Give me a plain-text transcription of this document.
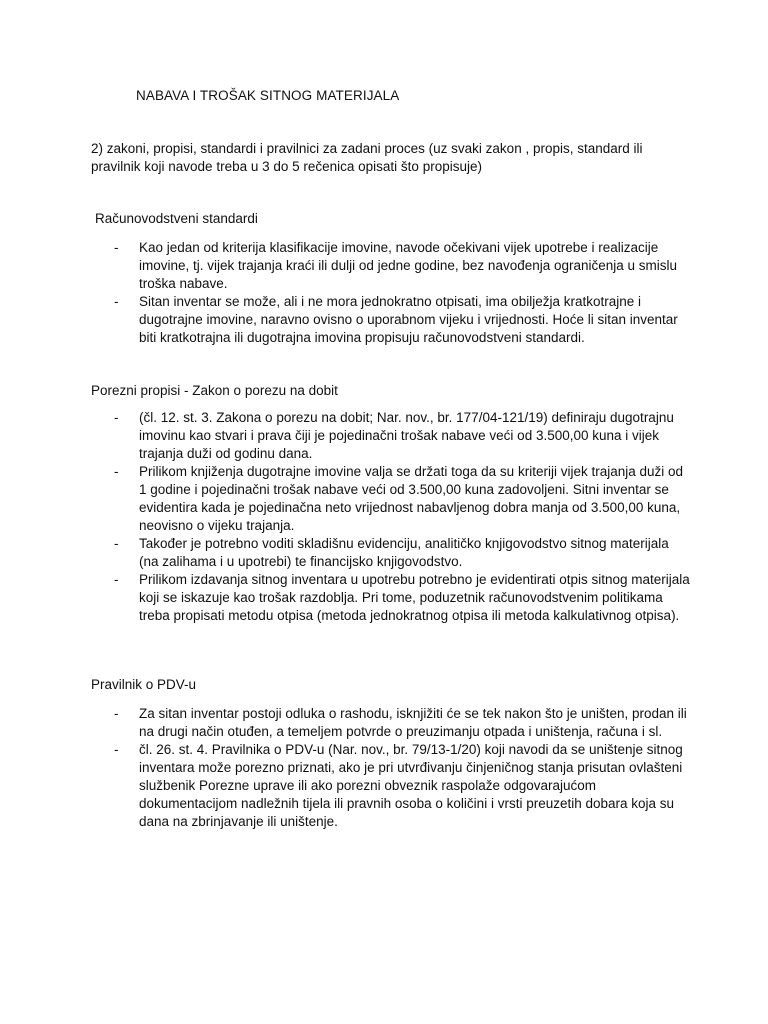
NABAVA I TROŠAK SITNOG MATERIJALA
2) zakoni, propisi, standardi i pravilnici za zadani proces (uz svaki zakon , propis, standard ili pravilnik koji navode treba u 3 do 5 rečenica opisati što propisuje)
Računovodstveni standardi
- Kao jedan od kriterija klasifikacije imovine, navode očekivani vijek upotrebe i realizacije imovine, tj. vijek trajanja kraći ili dulji od jedne godine, bez navođenja ograničenja u smislu troška nabave.
- Sitan inventar se može, ali i ne mora jednokratno otpisati, ima obilježja kratkotrajne i dugotrajne imovine, naravno ovisno o uporabnom vijeku i vrijednosti. Hoće li sitan inventar biti kratkotrajna ili dugotrajna imovina propisuju računovodstveni standardi.
Porezni propisi - Zakon o porezu na dobit
- (čl. 12. st. 3. Zakona o porezu na dobit; Nar. nov., br. 177/04-121/19) definiraju dugotrajnu imovinu kao stvari i prava čiji je pojedinačni trošak nabave veći od 3.500,00 kuna i vijek trajanja duži od godinu dana.
- Prilikom knjiženja dugotrajne imovine valja se držati toga da su kriteriji vijek trajanja duži od 1 godine i pojedinačni trošak nabave veći od 3.500,00 kuna zadovoljeni. Sitni inventar se evidentira kada je pojedinačna neto vrijednost nabavljenog dobra manja od 3.500,00 kuna, neovisno o vijeku trajanja.
- Također je potrebno voditi skladišnu evidenciju, analitičko knjigovodstvo sitnog materijala (na zalihama i u upotrebi) te financijsko knjigovodstvo.
- Prilikom izdavanja sitnog inventara u upotrebu potrebno je evidentirati otpis sitnog materijala koji se iskazuje kao trošak razdoblja. Pri tome, poduzetnik računovodstvenim politikama treba propisati metodu otpisa (metoda jednokratnog otpisa ili metoda kalkulativnog otpisa).
Pravilnik o PDV-u
- Za sitan inventar postoji odluka o rashodu, isknjižiti će se tek nakon što je uništen, prodan ili na drugi način otuđen, a temeljem potvrde o preuzimanju otpada i uništenja, računa i sl.
- čl. 26. st. 4. Pravilnika o PDV-u (Nar. nov., br. 79/13-1/20) koji navodi da se uništenje sitnog inventara može porezno priznati, ako je pri utvrđivanju činjeničnog stanja prisutan ovlašteni službenik Porezne uprave ili ako porezni obveznik raspolaže odgovarajućom dokumentacijom nadležnih tijela ili pravnih osoba o količini i vrsti preuzetih dobara koja su dana na zbrinjavanje ili uništenje.
